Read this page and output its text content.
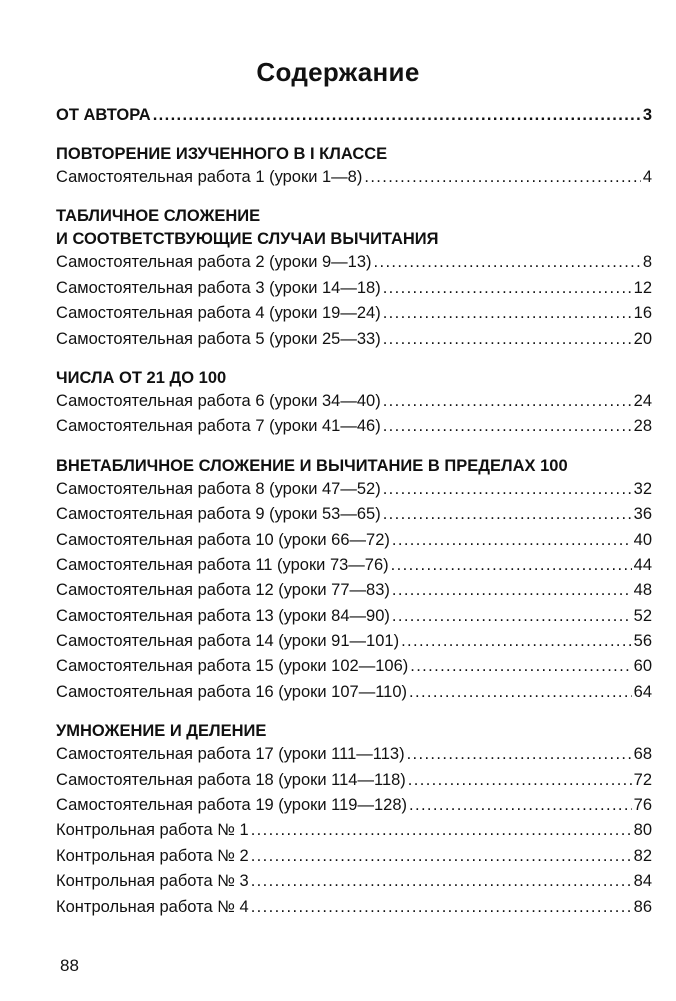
Содержание
ОТ АВТОРА . . .	3
ПОВТОРЕНИЕ ИЗУЧЕННОГО В I КЛАССЕ
Самостоятельная работа 1 (уроки 1—8) . . .	4
ТАБЛИЧНОЕ СЛОЖЕНИЕ
И СООТВЕТСТВУЮЩИЕ СЛУЧАИ ВЫЧИТАНИЯ
Самостоятельная работа 2 (уроки 9—13) . . .	8
Самостоятельная работа 3 (уроки 14—18) . . .	12
Самостоятельная работа 4 (уроки 19—24) . . .	16
Самостоятельная работа 5 (уроки 25—33) . . .	20
ЧИСЛА ОТ 21 ДО 100
Самостоятельная работа 6 (уроки 34—40) . . .	24
Самостоятельная работа 7 (уроки 41—46) . . .	28
ВНЕТАБЛИЧНОЕ СЛОЖЕНИЕ И ВЫЧИТАНИЕ В ПРЕДЕЛАХ 100
Самостоятельная работа 8 (уроки 47—52) . . .	32
Самостоятельная работа 9 (уроки 53—65) . . .	36
Самостоятельная работа 10 (уроки 66—72) . . .	40
Самостоятельная работа 11 (уроки 73—76) . . .	44
Самостоятельная работа 12 (уроки 77—83) . . .	48
Самостоятельная работа 13 (уроки 84—90) . . .	52
Самостоятельная работа 14 (уроки 91—101) . . .	56
Самостоятельная работа 15 (уроки 102—106) . . .	60
Самостоятельная работа 16 (уроки 107—110) . . .	64
УМНОЖЕНИЕ И ДЕЛЕНИЕ
Самостоятельная работа 17 (уроки 111—113) . . .	68
Самостоятельная работа 18 (уроки 114—118) . . .	72
Самостоятельная работа 19 (уроки 119—128) . . .	76
Контрольная работа № 1 . . .	80
Контрольная работа № 2 . . .	82
Контрольная работа № 3 . . .	84
Контрольная работа № 4 . . .	86
88
